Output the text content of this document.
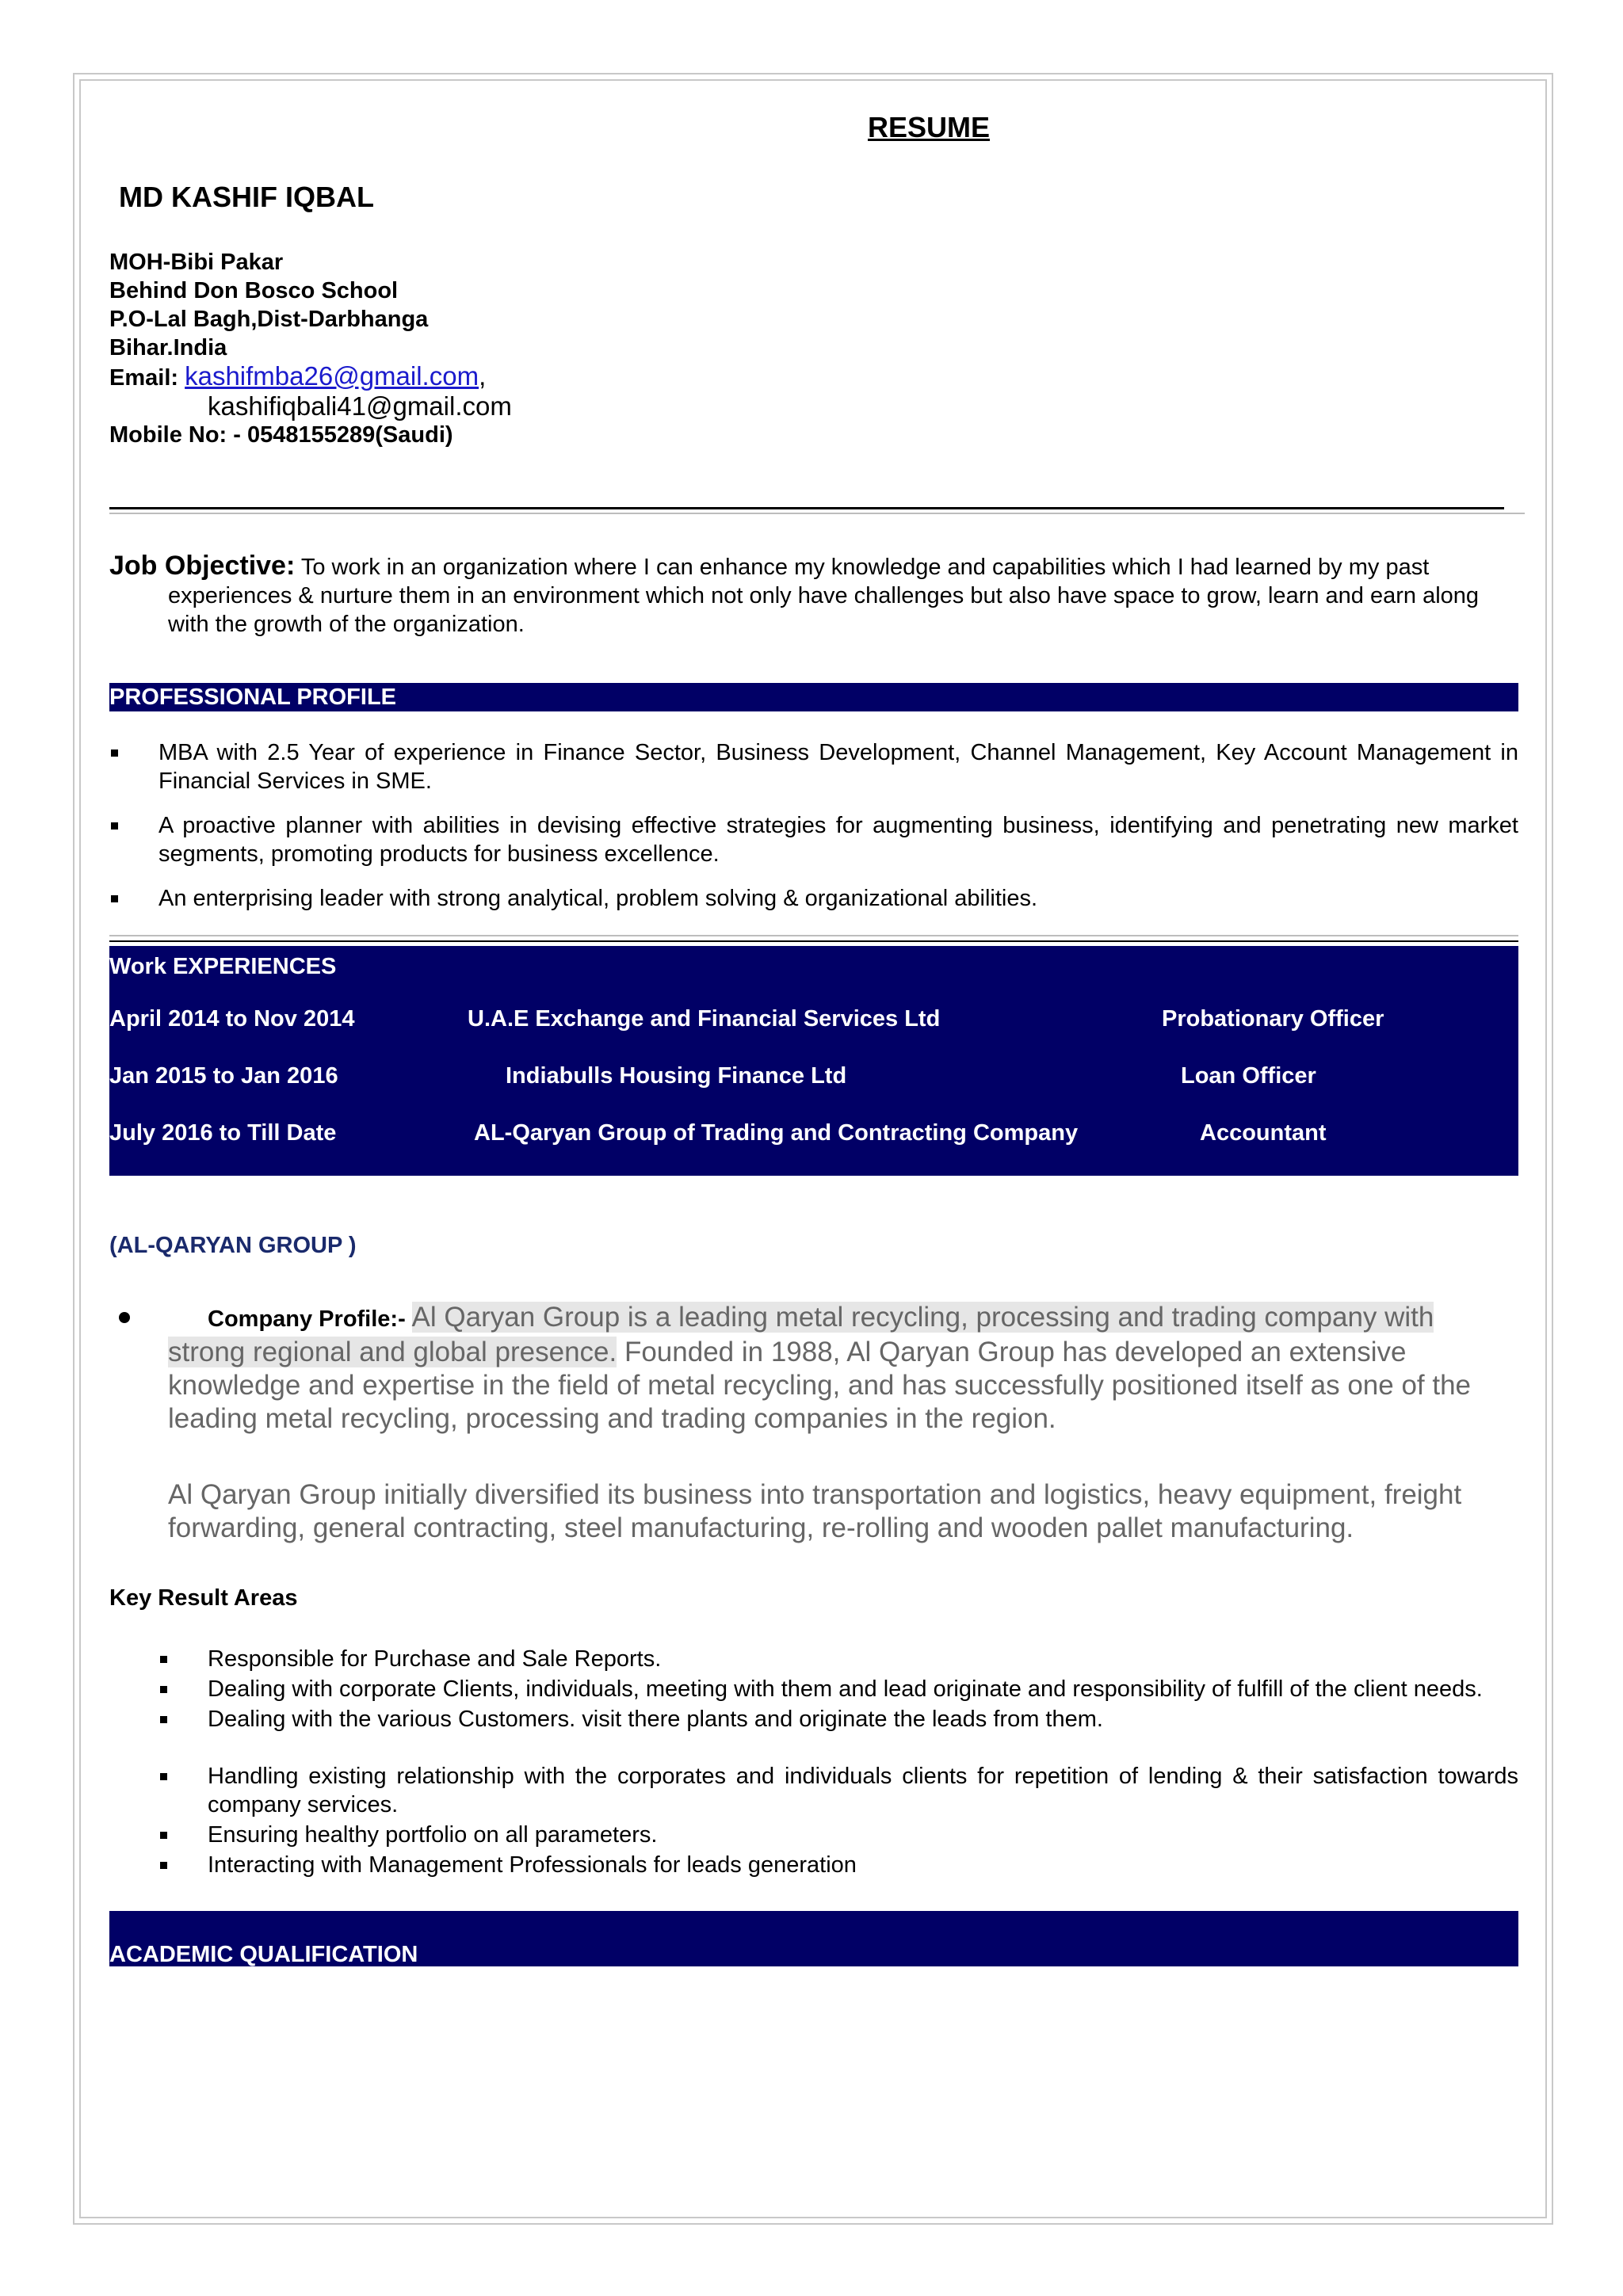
RESUME
MD KASHIF IQBAL
MOH-Bibi Pakar
Behind Don Bosco School
P.O-Lal Bagh,Dist-Darbhanga
Bihar.India
Email: kashifmba26@gmail.com,
kashifiqbali41@gmail.com
Mobile No: - 0548155289(Saudi)
Job Objective: To work in an organization where I can enhance my knowledge and capabilities which I had learned by my past
experiences & nurture them in an environment which not only have challenges but also have space to grow, learn and earn along with the growth of the organization.
PROFESSIONAL PROFILE
MBA with 2.5 Year of experience in Finance Sector, Business Development, Channel Management, Key Account Management in Financial Services in SME.
A proactive planner with abilities in devising effective strategies for augmenting business, identifying and penetrating new market segments, promoting products for business excellence.
An enterprising leader with strong analytical, problem solving & organizational abilities.
Work EXPERIENCES
April 2014 to Nov 2014	U.A.E Exchange and Financial Services Ltd	Probationary Officer
Jan 2015 to Jan 2016	Indiabulls Housing Finance Ltd	Loan Officer
July 2016 to Till Date	AL-Qaryan Group of Trading and Contracting Company	Accountant
(AL-QARYAN GROUP )
Company Profile:- Al Qaryan Group is a leading metal recycling, processing and trading company with
strong regional and global presence. Founded in 1988, Al Qaryan Group has developed an extensive knowledge and expertise in the field of metal recycling, and has successfully positioned itself as one of the leading metal recycling, processing and trading companies in the region.
Al Qaryan Group initially diversified its business into transportation and logistics, heavy equipment, freight forwarding, general contracting, steel manufacturing, re-rolling and wooden pallet manufacturing.
Key Result Areas
Responsible for Purchase and Sale Reports.
Dealing with corporate Clients, individuals, meeting with them and lead originate and responsibility of fulfill of the client needs.
Dealing with the various Customers. visit there plants and originate the leads from them.
Handling existing relationship with the corporates and individuals clients for repetition of lending & their satisfaction towards company services.
Ensuring healthy portfolio on all parameters.
Interacting with Management Professionals for leads generation
ACADEMIC QUALIFICATION
